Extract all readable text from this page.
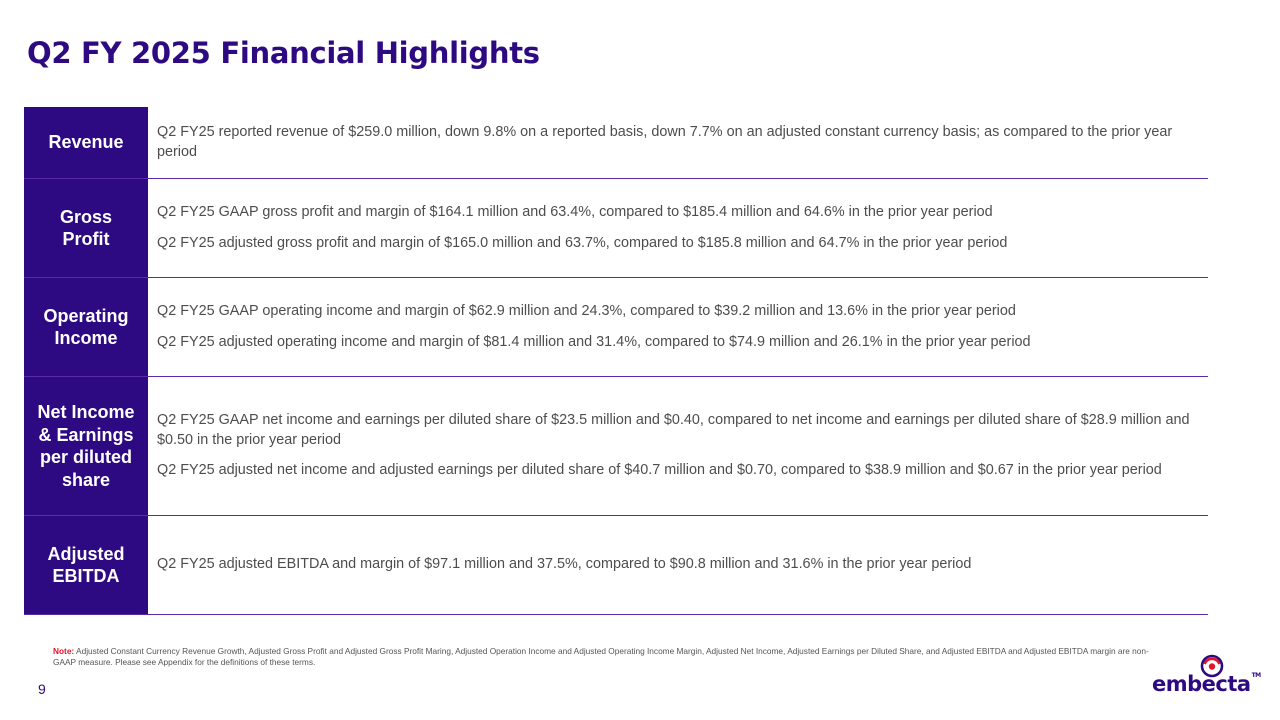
Q2 FY 2025 Financial Highlights
Revenue

Q2 FY25 reported revenue of $259.0 million, down 9.8% on a reported basis, down 7.7% on an adjusted constant currency basis; as compared to the prior year period

Gross Profit

Q2 FY25 GAAP gross profit and margin of $164.1 million and 63.4%, compared to $185.4 million and 64.6% in the prior year period

Q2 FY25 adjusted gross profit and margin of $165.0 million and 63.7%, compared to $185.8 million and 64.7% in the prior year period

Operating Income

Q2 FY25 GAAP operating income and margin of $62.9 million and 24.3%, compared to $39.2 million and 13.6% in the prior year period

Q2 FY25 adjusted operating income and margin of $81.4 million and 31.4%, compared to $74.9 million and 26.1% in the prior year period

Net Income & Earnings per diluted share

Q2 FY25 GAAP net income and earnings per diluted share of $23.5 million and $0.40, compared to net income and earnings per diluted share of $28.9 million and $0.50 in the prior year period

Q2 FY25 adjusted net income and adjusted earnings per diluted share of $40.7 million and $0.70, compared to $38.9 million and $0.67 in the prior year period

Adjusted EBITDA

Q2 FY25 adjusted EBITDA and margin of $97.1 million and 37.5%, compared to $90.8 million and 31.6% in the prior year period

Note: Adjusted Constant Currency Revenue Growth, Adjusted Gross Profit and Adjusted Gross Profit Maring, Adjusted Operation Income and Adjusted Operating Income Margin, Adjusted Net Income, Adjusted Earnings per Diluted Share, and Adjusted EBITDA and Adjusted EBITDA margin are non-GAAP measure. Please see Appendix for the definitions of these terms.
9	embecta™
